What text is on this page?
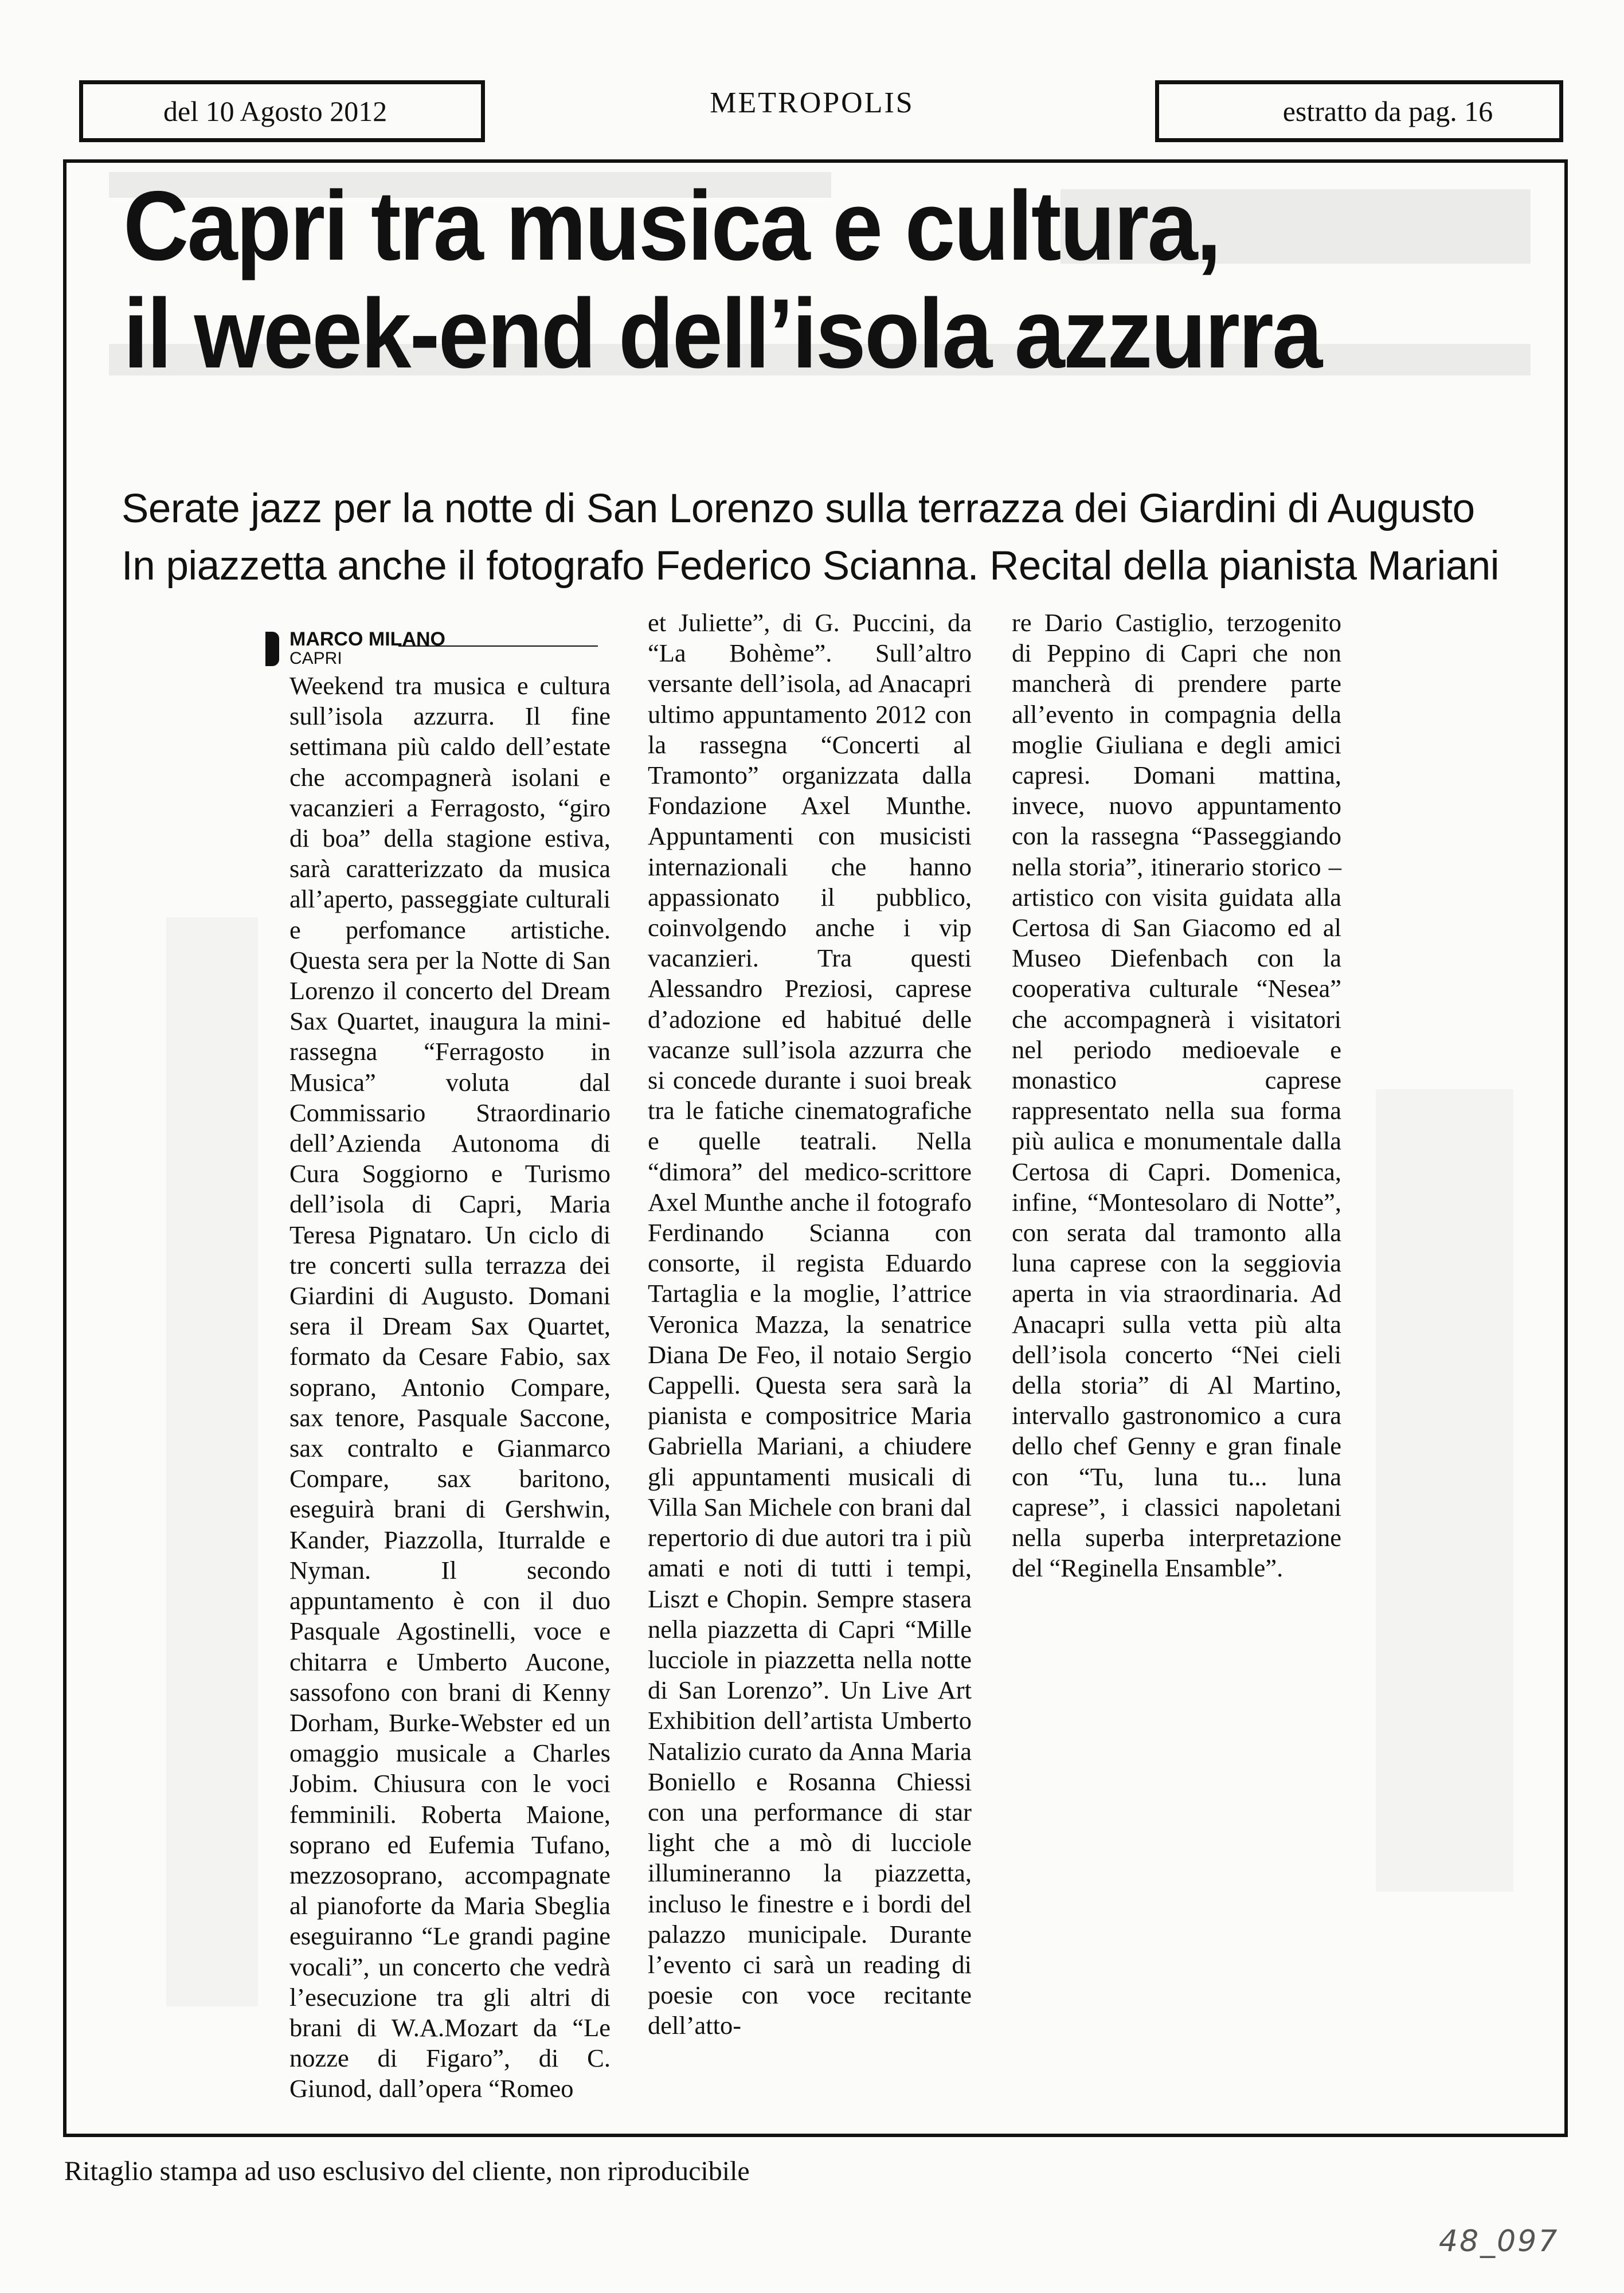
del 10 Agosto 2012	METROPOLIS	estratto da pag. 16
Capri tra musica e cultura,
il week-end dell’isola azzurra
Serate jazz per la notte di San Lorenzo sulla terrazza dei Giardini di Augusto
In piazzetta anche il fotografo Federico Scianna. Recital della pianista Mariani
MARCO MILANO
CAPRI

Weekend tra musica e cultura sull’isola azzurra. Il fine settimana più caldo dell’estate che accompagnerà isolani e vacanzieri a Ferragosto, “giro di boa” della stagione estiva, sarà caratterizzato da musica all’aperto, passeggiate culturali e perfomance artistiche. Questa sera per la Notte di San Lorenzo il concerto del Dream Sax Quartet, inaugura la mini-rassegna “Ferragosto in Musica” voluta dal Commissario Straordinario dell’Azienda Autonoma di Cura Soggiorno e Turismo dell’isola di Capri, Maria Teresa Pignataro. Un ciclo di tre concerti sulla terrazza dei Giardini di Augusto. Domani sera il Dream Sax Quartet, formato da Cesare Fabio, sax soprano, Antonio Compare, sax tenore, Pasquale Saccone, sax contralto e Gianmarco Compare, sax baritono, eseguirà brani di Gershwin, Kander, Piazzolla, Iturralde e Nyman. Il secondo appuntamento è con il duo Pasquale Agostinelli, voce e chitarra e Umberto Aucone, sassofono con brani di Kenny Dorham, Burke-Webster ed un omaggio musicale a Charles Jobim. Chiusura con le voci femminili. Roberta Maione, soprano ed Eufemia Tufano, mezzosoprano, accompagnate al pianoforte da Maria Sbeglia eseguiranno “Le grandi pagine vocali”, un concerto che vedrà l’esecuzione tra gli altri di brani di W.A.Mozart da “Le nozze di Figaro”, di C. Giunod, dall’opera “Romeo

et Juliette”, di G. Puccini, da “La Bohème”. Sull’altro versante dell’isola, ad Anacapri ultimo appuntamento 2012 con la rassegna “Concerti al Tramonto” organizzata dalla Fondazione Axel Munthe. Appuntamenti con musicisti internazionali che hanno appassionato il pubblico, coinvolgendo anche i vip vacanzieri. Tra questi Alessandro Preziosi, caprese d’adozione ed habitué delle vacanze sull’isola azzurra che si concede durante i suoi break tra le fatiche cinematografiche e quelle teatrali. Nella “dimora” del medico-scrittore Axel Munthe anche il fotografo Ferdinando Scianna con consorte, il regista Eduardo Tartaglia e la moglie, l’attrice Veronica Mazza, la senatrice Diana De Feo, il notaio Sergio Cappelli. Questa sera sarà la pianista e compositrice Maria Gabriella Mariani, a chiudere gli appuntamenti musicali di Villa San Michele con brani dal repertorio di due autori tra i più amati e noti di tutti i tempi, Liszt e Chopin. Sempre stasera nella piazzetta di Capri “Mille lucciole in piazzetta nella notte di San Lorenzo”. Un Live Art Exhibition dell’artista Umberto Natalizio curato da Anna Maria Boniello e Rosanna Chiessi con una performance di star light che a mò di lucciole illumineranno la piazzetta, incluso le finestre e i bordi del palazzo municipale. Durante l’evento ci sarà un reading di poesie con voce recitante dell’atto-

re Dario Castiglio, terzogenito di Peppino di Capri che non mancherà di prendere parte all’evento in compagnia della moglie Giuliana e degli amici capresi. Domani mattina, invece, nuovo appuntamento con la rassegna “Passeggiando nella storia”, itinerario storico – artistico con visita guidata alla Certosa di San Giacomo ed al Museo Diefenbach con la cooperativa culturale “Nesea” che accompagnerà i visitatori nel periodo medioevale e monastico caprese rappresentato nella sua forma più aulica e monumentale dalla Certosa di Capri. Domenica, infine, “Montesolaro di Notte”, con serata dal tramonto alla luna caprese con la seggiovia aperta in via straordinaria. Ad Anacapri sulla vetta più alta dell’isola concerto “Nei cieli della storia” di Al Martino, intervallo gastronomico a cura dello chef Genny e gran finale con “Tu, luna tu... luna caprese”, i classici napoletani nella superba interpretazione del “Reginella Ensamble”.

Ritaglio stampa ad uso esclusivo del cliente, non riproducibile
48_097
